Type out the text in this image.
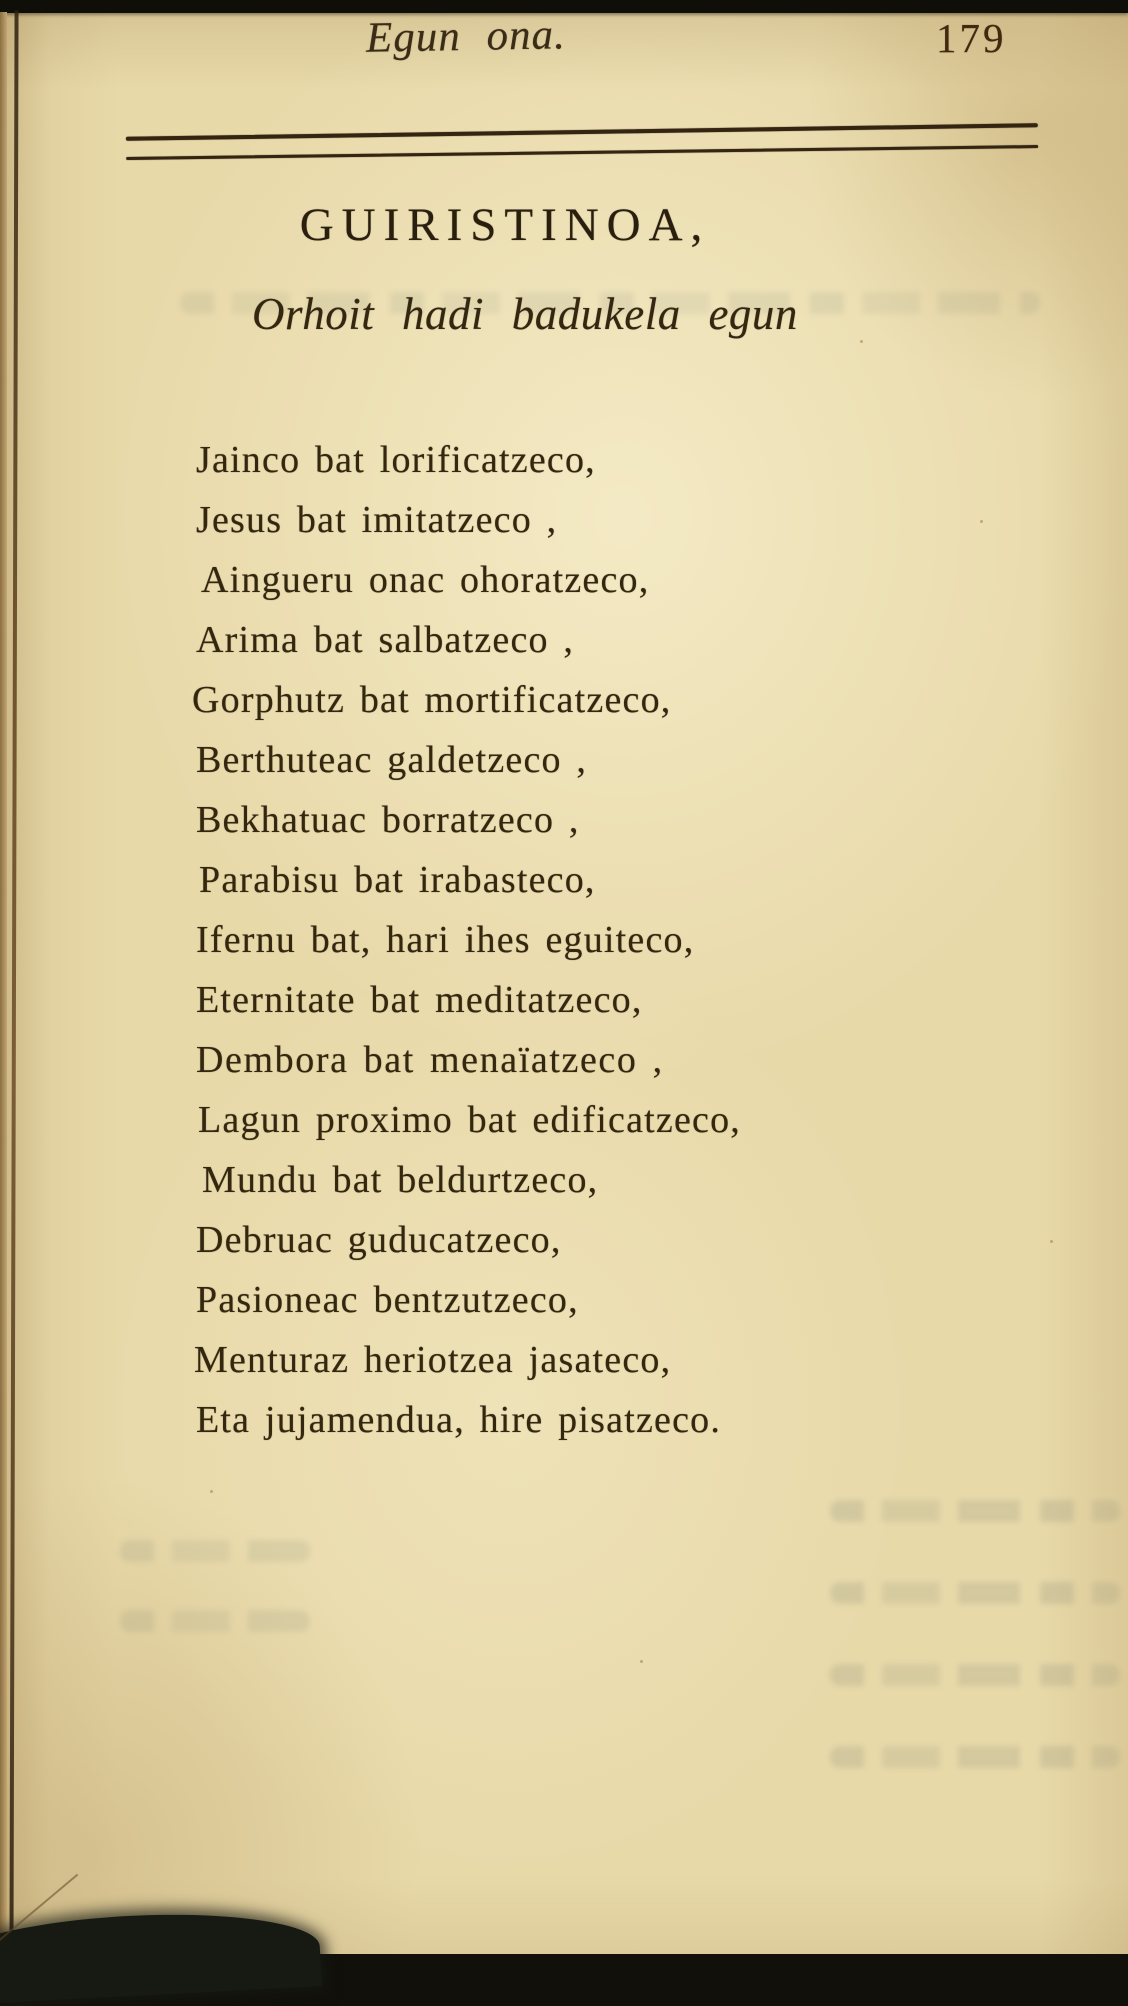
Egun ona.	179
GUIRISTINOA,
Orhoit hadi badukela egun
Jainco bat lorificatzeco,
Jesus bat imitatzeco ,
Aingueru onac ohoratzeco,
Arima bat salbatzeco ,
Gorphutz bat mortificatzeco,
Berthuteac galdetzeco ,
Bekhatuac borratzeco ,
Parabisu bat irabasteco,
Ifernu bat, hari ihes eguiteco,
Eternitate bat meditatzeco,
Dembora bat menaïatzeco ,
Lagun proximo bat edificatzeco,
Mundu bat beldurtzeco,
Debruac guducatzeco,
Pasioneac bentzutzeco,
Menturaz heriotzea jasateco,
Eta jujamendua, hire pisatzeco.
